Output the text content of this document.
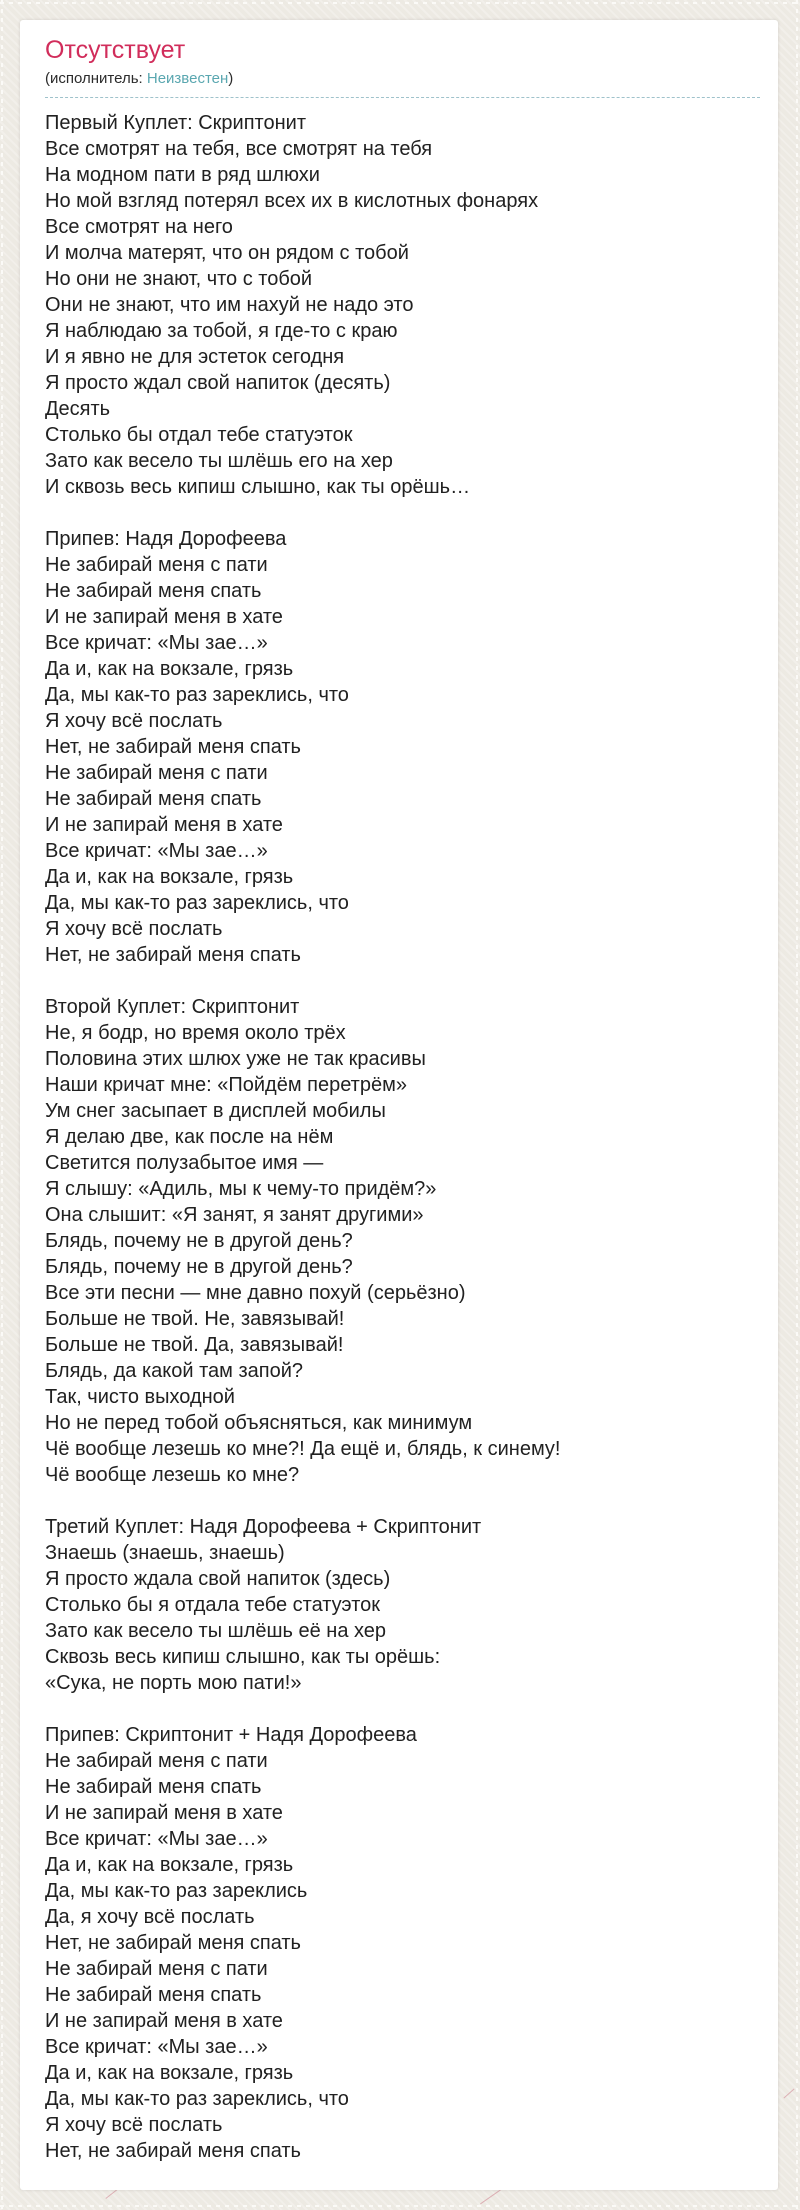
Отсутствует
(исполнитель: Неизвестен)
Первый Куплет: Скриптонит
Все смотрят на тебя, все смотрят на тебя
На модном пати в ряд шлюхи
Но мой взгляд потерял всех их в кислотных фонарях
Все смотрят на него
И молча матерят, что он рядом с тобой
Но они не знают, что с тобой
Они не знают, что им нахуй не надо это
Я наблюдаю за тобой, я где-то с краю
И я явно не для эстеток сегодня
Я просто ждал свой напиток (десять)
Десять
Столько бы отдал тебе статуэток
Зато как весело ты шлёшь его на хер
И сквозь весь кипиш слышно, как ты орёшь…
Припев: Надя Дорофеева
Не забирай меня с пати
Не забирай меня спать
И не запирай меня в хате
Все кричат: «Мы зае…»
Да и, как на вокзале, грязь
Да, мы как-то раз зареклись, что
Я хочу всё послать
Нет, не забирай меня спать
Не забирай меня с пати
Не забирай меня спать
И не запирай меня в хате
Все кричат: «Мы зае…»
Да и, как на вокзале, грязь
Да, мы как-то раз зареклись, что
Я хочу всё послать
Нет, не забирай меня спать
Второй Куплет: Скриптонит
Не, я бодр, но время около трёх
Половина этих шлюх уже не так красивы
Наши кричат мне: «Пойдём перетрём»
Ум снег засыпает в дисплей мобилы
Я делаю две, как после на нём
Светится полузабытое имя —
Я слышу: «Адиль, мы к чему-то придём?»
Она слышит: «Я занят, я занят другими»
Блядь, почему не в другой день?
Блядь, почему не в другой день?
Все эти песни — мне давно похуй (серьёзно)
Больше не твой. Не, завязывай!
Больше не твой. Да, завязывай!
Блядь, да какой там запой?
Так, чисто выходной
Но не перед тобой объясняться, как минимум
Чё вообще лезешь ко мне?! Да ещё и, блядь, к синему!
Чё вообще лезешь ко мне?
Третий Куплет: Надя Дорофеева + Скриптонит
Знаешь (знаешь, знаешь)
Я просто ждала свой напиток (здесь)
Столько бы я отдала тебе статуэток
Зато как весело ты шлёшь её на хер
Сквозь весь кипиш слышно, как ты орёшь:
«Сука, не порть мою пати!»
Припев: Скриптонит + Надя Дорофеева
Не забирай меня с пати
Не забирай меня спать
И не запирай меня в хате
Все кричат: «Мы зае…»
Да и, как на вокзале, грязь
Да, мы как-то раз зареклись
Да, я хочу всё послать
Нет, не забирай меня спать
Не забирай меня с пати
Не забирай меня спать
И не запирай меня в хате
Все кричат: «Мы зае…»
Да и, как на вокзале, грязь
Да, мы как-то раз зареклись, что
Я хочу всё послать
Нет, не забирай меня спать
